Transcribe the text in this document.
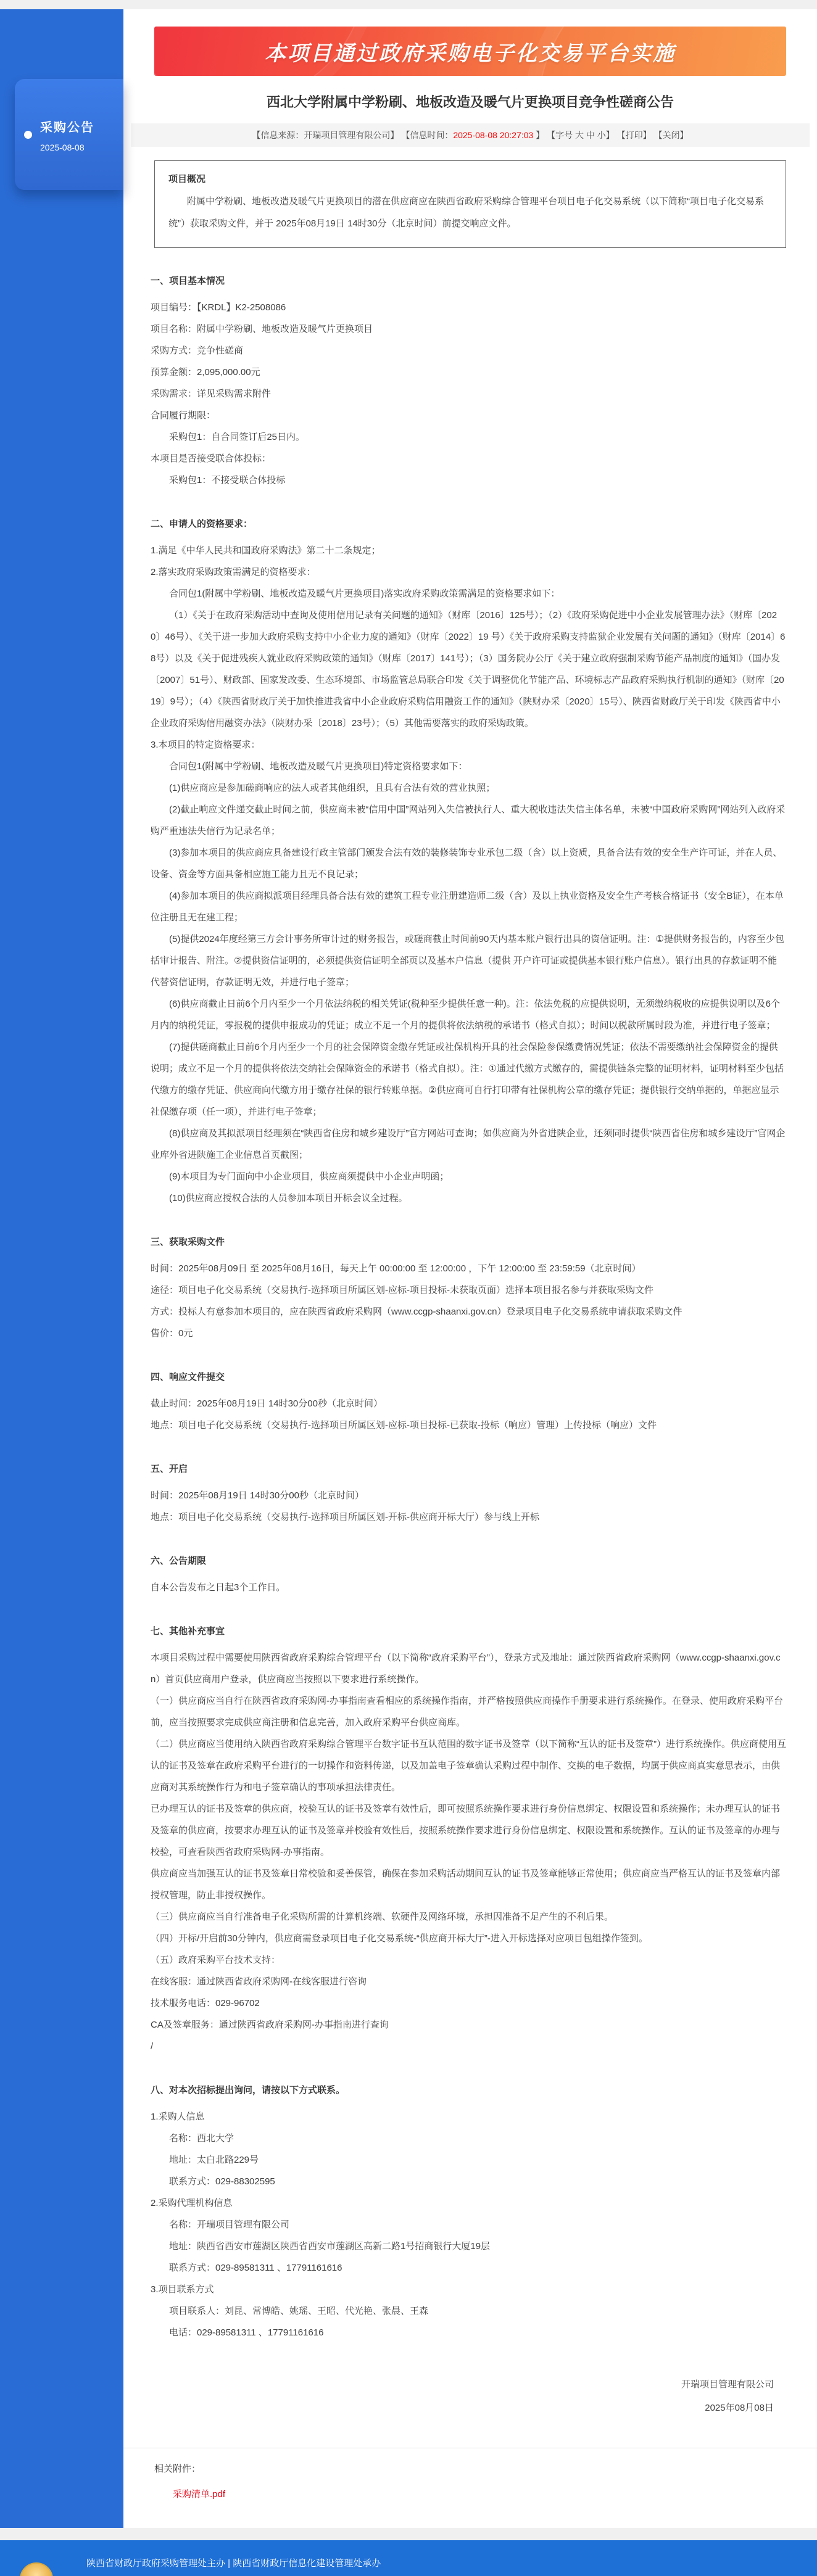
采购公告
2025-08-08
本项目通过政府采购电子化交易平台实施
西北大学附属中学粉刷、地板改造及暖气片更换项目竞争性磋商公告
【信息来源：开瑞项目管理有限公司】 【信息时间： 2025-08-08 20:27:03 】 【字号 大
中
小 】 【打印】 【关闭】
项目概况
附属中学粉刷、地板改造及暖气片更换项目的潜在供应商应在陕西省政府采购综合管理平台项目电子化交易系统（以下简称“项目电子化交易系统”）获取采购文件，并于 2025年08月19日 14时30分（北京时间）前提交响应文件。
一、项目基本情况
项目编号：【KRDL】K2-2508086
项目名称：附属中学粉刷、地板改造及暖气片更换项目
采购方式：竞争性磋商
预算金额：2,095,000.00元
采购需求：详见采购需求附件
合同履行期限：
采购包1：自合同签订后25日内。
本项目是否接受联合体投标：
采购包1：不接受联合体投标
二、申请人的资格要求：
1.满足《中华人民共和国政府采购法》第二十二条规定；
2.落实政府采购政策需满足的资格要求：
合同包1(附属中学粉刷、地板改造及暖气片更换项目)落实政府采购政策需满足的资格要求如下：
（1）《关于在政府采购活动中查询及使用信用记录有关问题的通知》（财库〔2016〕125号）；（2）《政府采购促进中小企业发展管理办法》（财库〔2020〕46号）、《关于进一步加大政府采购支持中小企业力度的通知》（财库〔2022〕19 号）《关于政府采购支持监狱企业发展有关问题的通知》（财库〔2014〕68号）以及《关于促进残疾人就业政府采购政策的通知》（财库〔2017〕141号）；（3）国务院办公厅《关于建立政府强制采购节能产品制度的通知》（国办发〔2007〕51号）、财政部、国家发改委、生态环境部、市场监管总局联合印发《关于调整优化节能产品、环境标志产品政府采购执行机制的通知》（财库〔2019〕9号）；（4）《陕西省财政厅关于加快推进我省中小企业政府采购信用融资工作的通知》（陕财办采〔2020〕15号）、陕西省财政厅关于印发《陕西省中小企业政府采购信用融资办法》（陕财办采〔2018〕23号）；（5）其他需要落实的政府采购政策。
3.本项目的特定资格要求：
合同包1(附属中学粉刷、地板改造及暖气片更换项目)特定资格要求如下：
(1)供应商应是参加磋商响应的法人或者其他组织，且具有合法有效的营业执照；
(2)截止响应文件递交截止时间之前，供应商未被“信用中国”网站列入失信被执行人、重大税收违法失信主体名单，未被“中国政府采购网”网站列入政府采购严重违法失信行为记录名单；
(3)参加本项目的供应商应具备建设行政主管部门颁发合法有效的装修装饰专业承包二级（含）以上资质，具备合法有效的安全生产许可证，并在人员、设备、资金等方面具备相应施工能力且无不良记录；
(4)参加本项目的供应商拟派项目经理具备合法有效的建筑工程专业注册建造师二级（含）及以上执业资格及安全生产考核合格证书（安全B证），在本单位注册且无在建工程；
(5)提供2024年度经第三方会计事务所审计过的财务报告，或磋商截止时间前90天内基本账户银行出具的资信证明。注：①提供财务报告的，内容至少包括审计报告、附注。②提供资信证明的，必须提供资信证明全部页以及基本户信息（提供 开户许可证或提供基本银行账户信息）。银行出具的存款证明不能代替资信证明，存款证明无效，并进行电子签章；
(6)供应商截止日前6个月内至少一个月依法纳税的相关凭证(税种至少提供任意一种)。注：依法免税的应提供说明，无须缴纳税收的应提供说明以及6个月内的纳税凭证，零报税的提供申报成功的凭证；成立不足一个月的提供将依法纳税的承诺书（格式自拟）；时间以税款所属时段为准，并进行电子签章；
(7)提供磋商截止日前6个月内至少一个月的社会保障资金缴存凭证或社保机构开具的社会保险参保缴费情况凭证；依法不需要缴纳社会保障资金的提供说明；成立不足一个月的提供将依法交纳社会保障资金的承诺书（格式自拟）。注：①通过代缴方式缴存的，需提供链条完整的证明材料，证明材料至少包括代缴方的缴存凭证、供应商向代缴方用于缴存社保的银行转账单据。②供应商可自行打印带有社保机构公章的缴存凭证；提供银行交纳单据的，单据应显示社保缴存项（任一项），并进行电子签章；
(8)供应商及其拟派项目经理须在“陕西省住房和城乡建设厅”官方网站可查询；如供应商为外省进陕企业，还须同时提供“陕西省住房和城乡建设厅”官网企业库外省进陕施工企业信息首页截图；
(9)本项目为专门面向中小企业项目，供应商须提供中小企业声明函；
(10)供应商应授权合法的人员参加本项目开标会议全过程。
三、获取采购文件
时间：2025年08月09日 至 2025年08月16日，每天上午 00:00:00 至 12:00:00 ，下午 12:00:00 至 23:59:59（北京时间）
途径：项目电子化交易系统（交易执行-选择项目所属区划-应标-项目投标-未获取页面）选择本项目报名参与并获取采购文件
方式：投标人有意参加本项目的，应在陕西省政府采购网（www.ccgp-shaanxi.gov.cn）登录项目电子化交易系统申请获取采购文件
售价：0元
四、响应文件提交
截止时间：2025年08月19日 14时30分00秒（北京时间）
地点：项目电子化交易系统（交易执行-选择项目所属区划-应标-项目投标-已获取-投标（响应）管理）上传投标（响应）文件
五、开启
时间：2025年08月19日 14时30分00秒（北京时间）
地点：项目电子化交易系统（交易执行-选择项目所属区划-开标-供应商开标大厅）参与线上开标
六、公告期限
自本公告发布之日起3个工作日。
七、其他补充事宜
本项目采购过程中需要使用陕西省政府采购综合管理平台（以下简称“政府采购平台”），登录方式及地址：通过陕西省政府采购网（www.ccgp-shaanxi.gov.cn）首页供应商用户登录，供应商应当按照以下要求进行系统操作。
（一）供应商应当自行在陕西省政府采购网-办事指南查看相应的系统操作指南，并严格按照供应商操作手册要求进行系统操作。在登录、使用政府采购平台前，应当按照要求完成供应商注册和信息完善，加入政府采购平台供应商库。
（二）供应商应当使用纳入陕西省政府采购综合管理平台数字证书互认范围的数字证书及签章（以下简称“互认的证书及签章”）进行系统操作。供应商使用互认的证书及签章在政府采购平台进行的一切操作和资料传递，以及加盖电子签章确认采购过程中制作、交换的电子数据，均属于供应商真实意思表示，由供应商对其系统操作行为和电子签章确认的事项承担法律责任。
已办理互认的证书及签章的供应商，校验互认的证书及签章有效性后，即可按照系统操作要求进行身份信息绑定、权限设置和系统操作；未办理互认的证书及签章的供应商，按要求办理互认的证书及签章并校验有效性后，按照系统操作要求进行身份信息绑定、权限设置和系统操作。互认的证书及签章的办理与校验，可查看陕西省政府采购网-办事指南。
供应商应当加强互认的证书及签章日常校验和妥善保管，确保在参加采购活动期间互认的证书及签章能够正常使用；供应商应当严格互认的证书及签章内部授权管理，防止非授权操作。
（三）供应商应当自行准备电子化采购所需的计算机终端、软硬件及网络环境，承担因准备不足产生的不利后果。
（四）开标/开启前30分钟内，供应商需登录项目电子化交易系统-“供应商开标大厅”-进入开标选择对应项目包组操作签到。
（五）政府采购平台技术支持：
在线客服：通过陕西省政府采购网-在线客服进行咨询
技术服务电话：029-96702
CA及签章服务：通过陕西省政府采购网-办事指南进行查询
/
八、对本次招标提出询问，请按以下方式联系。
1.采购人信息
名称：西北大学
地址：太白北路229号
联系方式：029-88302595
2.采购代理机构信息
名称：开瑞项目管理有限公司
地址：陕西省西安市莲湖区陕西省西安市莲湖区高新二路1号招商银行大厦19层
联系方式：029-89581311 、17791161616
3.项目联系方式
项目联系人：刘昆、常博皓、姚瑶、王昭、代光艳、张晨、王森
电话：029-89581311 、17791161616
开瑞项目管理有限公司
2025年08月08日
相关附件：
采购清单.pdf
陕西省财政厅政府采购管理处主办 | 陕西省财政厅信息化建设管理处承办
